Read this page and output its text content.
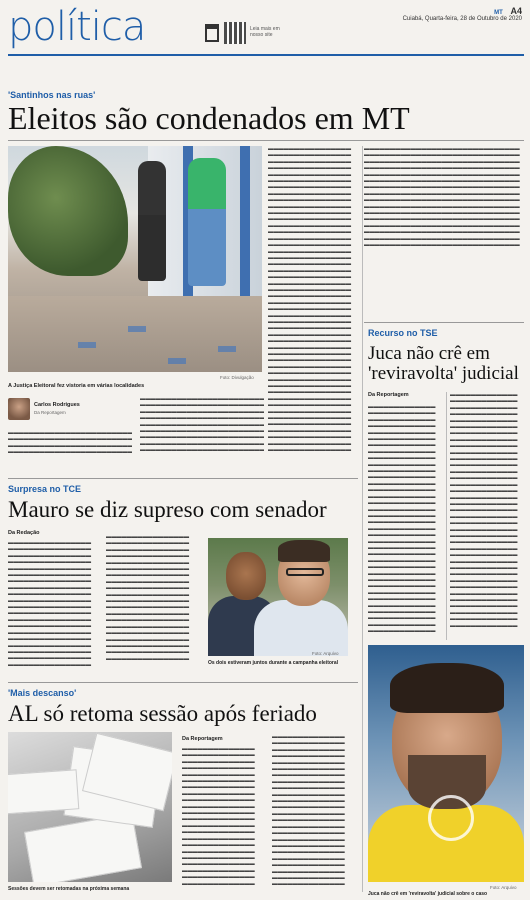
política	Leia mais em nosso site
MT A4
Cuiabá, Quarta-feira, 28 de Outubro de 2020
'Santinhos nas ruas'
Eleitos são condenados em MT
Foto: Divulgação
A Justiça Eleitoral fez vistoria em várias localidades
Carlos Rodrigues
Da Reportagem
▬▬▬▬▬▬▬▬▬▬▬▬▬▬▬▬▬▬▬▬▬▬▬▬ ▬▬▬▬▬▬▬▬▬▬▬▬▬▬▬▬▬▬▬▬▬▬▬▬ ▬▬▬▬▬▬▬▬▬▬▬▬▬▬▬▬▬▬▬▬▬▬▬▬ ▬▬▬▬▬▬▬▬▬▬▬▬▬▬▬▬▬▬▬▬▬▬▬▬
▬▬▬▬▬▬▬▬▬▬▬▬▬▬▬▬▬▬▬▬▬▬▬▬ ▬▬▬▬▬▬▬▬▬▬▬▬▬▬▬▬▬▬▬▬▬▬▬▬ ▬▬▬▬▬▬▬▬▬▬▬▬▬▬▬▬▬▬▬▬▬▬▬▬ ▬▬▬▬▬▬▬▬▬▬▬▬▬▬▬▬▬▬▬▬▬▬▬▬ ▬▬▬▬▬▬▬▬▬▬▬▬▬▬▬▬▬▬▬▬▬▬▬▬ ▬▬▬▬▬▬▬▬▬▬▬▬▬▬▬▬▬▬▬▬▬▬▬▬ ▬▬▬▬▬▬▬▬▬▬▬▬▬▬▬▬▬▬▬▬▬▬▬▬ ▬▬▬▬▬▬▬▬▬▬▬▬▬▬▬▬▬▬▬▬▬▬▬▬ ▬▬▬▬▬▬▬▬▬▬▬▬▬▬▬▬▬▬▬▬▬▬▬▬
▬▬▬▬▬▬▬▬▬▬▬▬▬▬▬▬ ▬▬▬▬▬▬▬▬▬▬▬▬▬▬▬▬ ▬▬▬▬▬▬▬▬▬▬▬▬▬▬▬▬ ▬▬▬▬▬▬▬▬▬▬▬▬▬▬▬▬ ▬▬▬▬▬▬▬▬▬▬▬▬▬▬▬▬ ▬▬▬▬▬▬▬▬▬▬▬▬▬▬▬▬ ▬▬▬▬▬▬▬▬▬▬▬▬▬▬▬▬ ▬▬▬▬▬▬▬▬▬▬▬▬▬▬▬▬ ▬▬▬▬▬▬▬▬▬▬▬▬▬▬▬▬ ▬▬▬▬▬▬▬▬▬▬▬▬▬▬▬▬ ▬▬▬▬▬▬▬▬▬▬▬▬▬▬▬▬ ▬▬▬▬▬▬▬▬▬▬▬▬▬▬▬▬ ▬▬▬▬▬▬▬▬▬▬▬▬▬▬▬▬ ▬▬▬▬▬▬▬▬▬▬▬▬▬▬▬▬ ▬▬▬▬▬▬▬▬▬▬▬▬▬▬▬▬ ▬▬▬▬▬▬▬▬▬▬▬▬▬▬▬▬ ▬▬▬▬▬▬▬▬▬▬▬▬▬▬▬▬ ▬▬▬▬▬▬▬▬▬▬▬▬▬▬▬▬ ▬▬▬▬▬▬▬▬▬▬▬▬▬▬▬▬ ▬▬▬▬▬▬▬▬▬▬▬▬▬▬▬▬ ▬▬▬▬▬▬▬▬▬▬▬▬▬▬▬▬ ▬▬▬▬▬▬▬▬▬▬▬▬▬▬▬▬ ▬▬▬▬▬▬▬▬▬▬▬▬▬▬▬▬ ▬▬▬▬▬▬▬▬▬▬▬▬▬▬▬▬ ▬▬▬▬▬▬▬▬▬▬▬▬▬▬▬▬ ▬▬▬▬▬▬▬▬▬▬▬▬▬▬▬▬ ▬▬▬▬▬▬▬▬▬▬▬▬▬▬▬▬ ▬▬▬▬▬▬▬▬▬▬▬▬▬▬▬▬ ▬▬▬▬▬▬▬▬▬▬▬▬▬▬▬▬ ▬▬▬▬▬▬▬▬▬▬▬▬▬▬▬▬ ▬▬▬▬▬▬▬▬▬▬▬▬▬▬▬▬ ▬▬▬▬▬▬▬▬▬▬▬▬▬▬▬▬ ▬▬▬▬▬▬▬▬▬▬▬▬▬▬▬▬ ▬▬▬▬▬▬▬▬▬▬▬▬▬▬▬▬ ▬▬▬▬▬▬▬▬▬▬▬▬▬▬▬▬ ▬▬▬▬▬▬▬▬▬▬▬▬▬▬▬▬ ▬▬▬▬▬▬▬▬▬▬▬▬▬▬▬▬ ▬▬▬▬▬▬▬▬▬▬▬▬▬▬▬▬ ▬▬▬▬▬▬▬▬▬▬▬▬▬▬▬▬ ▬▬▬▬▬▬▬▬▬▬▬▬▬▬▬▬ ▬▬▬▬▬▬▬▬▬▬▬▬▬▬▬▬ ▬▬▬▬▬▬▬▬▬▬▬▬▬▬▬▬ ▬▬▬▬▬▬▬▬▬▬▬▬▬▬▬▬ ▬▬▬▬▬▬▬▬▬▬▬▬▬▬▬▬ ▬▬▬▬▬▬▬▬▬▬▬▬▬▬▬▬ ▬▬▬▬▬▬▬▬▬▬▬▬▬▬▬▬ ▬▬▬▬▬▬▬▬▬▬▬▬▬▬▬▬ ▬▬▬▬▬▬▬▬▬▬▬▬▬▬▬▬
▬▬▬▬▬▬▬▬▬▬▬▬▬▬▬▬▬▬▬▬▬▬▬▬▬▬▬▬▬▬ ▬▬▬▬▬▬▬▬▬▬▬▬▬▬▬▬▬▬▬▬▬▬▬▬▬▬▬▬▬▬ ▬▬▬▬▬▬▬▬▬▬▬▬▬▬▬▬▬▬▬▬▬▬▬▬▬▬▬▬▬▬ ▬▬▬▬▬▬▬▬▬▬▬▬▬▬▬▬▬▬▬▬▬▬▬▬▬▬▬▬▬▬ ▬▬▬▬▬▬▬▬▬▬▬▬▬▬▬▬▬▬▬▬▬▬▬▬▬▬▬▬▬▬ ▬▬▬▬▬▬▬▬▬▬▬▬▬▬▬▬▬▬▬▬▬▬▬▬▬▬▬▬▬▬ ▬▬▬▬▬▬▬▬▬▬▬▬▬▬▬▬▬▬▬▬▬▬▬▬▬▬▬▬▬▬ ▬▬▬▬▬▬▬▬▬▬▬▬▬▬▬▬▬▬▬▬▬▬▬▬▬▬▬▬▬▬ ▬▬▬▬▬▬▬▬▬▬▬▬▬▬▬▬▬▬▬▬▬▬▬▬▬▬▬▬▬▬ ▬▬▬▬▬▬▬▬▬▬▬▬▬▬▬▬▬▬▬▬▬▬▬▬▬▬▬▬▬▬ ▬▬▬▬▬▬▬▬▬▬▬▬▬▬▬▬▬▬▬▬▬▬▬▬▬▬▬▬▬▬ ▬▬▬▬▬▬▬▬▬▬▬▬▬▬▬▬▬▬▬▬▬▬▬▬▬▬▬▬▬▬ ▬▬▬▬▬▬▬▬▬▬▬▬▬▬▬▬▬▬▬▬▬▬▬▬▬▬▬▬▬▬ ▬▬▬▬▬▬▬▬▬▬▬▬▬▬▬▬▬▬▬▬▬▬▬▬▬▬▬▬▬▬ ▬▬▬▬▬▬▬▬▬▬▬▬▬▬▬▬▬▬▬▬▬▬▬▬▬▬▬▬▬▬ ▬▬▬▬▬▬▬▬▬▬▬▬▬▬▬▬▬▬▬▬▬▬▬▬▬▬▬▬▬▬
Recurso no TSE
Juca não crê em 'reviravolta' judicial
Da Reportagem
▬▬▬▬▬▬▬▬▬▬▬▬▬ ▬▬▬▬▬▬▬▬▬▬▬▬▬ ▬▬▬▬▬▬▬▬▬▬▬▬▬ ▬▬▬▬▬▬▬▬▬▬▬▬▬ ▬▬▬▬▬▬▬▬▬▬▬▬▬ ▬▬▬▬▬▬▬▬▬▬▬▬▬ ▬▬▬▬▬▬▬▬▬▬▬▬▬ ▬▬▬▬▬▬▬▬▬▬▬▬▬ ▬▬▬▬▬▬▬▬▬▬▬▬▬ ▬▬▬▬▬▬▬▬▬▬▬▬▬ ▬▬▬▬▬▬▬▬▬▬▬▬▬ ▬▬▬▬▬▬▬▬▬▬▬▬▬ ▬▬▬▬▬▬▬▬▬▬▬▬▬ ▬▬▬▬▬▬▬▬▬▬▬▬▬ ▬▬▬▬▬▬▬▬▬▬▬▬▬ ▬▬▬▬▬▬▬▬▬▬▬▬▬ ▬▬▬▬▬▬▬▬▬▬▬▬▬ ▬▬▬▬▬▬▬▬▬▬▬▬▬ ▬▬▬▬▬▬▬▬▬▬▬▬▬ ▬▬▬▬▬▬▬▬▬▬▬▬▬ ▬▬▬▬▬▬▬▬▬▬▬▬▬ ▬▬▬▬▬▬▬▬▬▬▬▬▬ ▬▬▬▬▬▬▬▬▬▬▬▬▬ ▬▬▬▬▬▬▬▬▬▬▬▬▬ ▬▬▬▬▬▬▬▬▬▬▬▬▬ ▬▬▬▬▬▬▬▬▬▬▬▬▬ ▬▬▬▬▬▬▬▬▬▬▬▬▬ ▬▬▬▬▬▬▬▬▬▬▬▬▬ ▬▬▬▬▬▬▬▬▬▬▬▬▬ ▬▬▬▬▬▬▬▬▬▬▬▬▬ ▬▬▬▬▬▬▬▬▬▬▬▬▬ ▬▬▬▬▬▬▬▬▬▬▬▬▬ ▬▬▬▬▬▬▬▬▬▬▬▬▬ ▬▬▬▬▬▬▬▬▬▬▬▬▬ ▬▬▬▬▬▬▬▬▬▬▬▬▬ ▬▬▬▬▬▬▬▬▬▬▬▬▬
▬▬▬▬▬▬▬▬▬▬▬▬▬ ▬▬▬▬▬▬▬▬▬▬▬▬▬ ▬▬▬▬▬▬▬▬▬▬▬▬▬ ▬▬▬▬▬▬▬▬▬▬▬▬▬ ▬▬▬▬▬▬▬▬▬▬▬▬▬ ▬▬▬▬▬▬▬▬▬▬▬▬▬ ▬▬▬▬▬▬▬▬▬▬▬▬▬ ▬▬▬▬▬▬▬▬▬▬▬▬▬ ▬▬▬▬▬▬▬▬▬▬▬▬▬ ▬▬▬▬▬▬▬▬▬▬▬▬▬ ▬▬▬▬▬▬▬▬▬▬▬▬▬ ▬▬▬▬▬▬▬▬▬▬▬▬▬ ▬▬▬▬▬▬▬▬▬▬▬▬▬ ▬▬▬▬▬▬▬▬▬▬▬▬▬ ▬▬▬▬▬▬▬▬▬▬▬▬▬ ▬▬▬▬▬▬▬▬▬▬▬▬▬ ▬▬▬▬▬▬▬▬▬▬▬▬▬ ▬▬▬▬▬▬▬▬▬▬▬▬▬ ▬▬▬▬▬▬▬▬▬▬▬▬▬ ▬▬▬▬▬▬▬▬▬▬▬▬▬ ▬▬▬▬▬▬▬▬▬▬▬▬▬ ▬▬▬▬▬▬▬▬▬▬▬▬▬ ▬▬▬▬▬▬▬▬▬▬▬▬▬ ▬▬▬▬▬▬▬▬▬▬▬▬▬ ▬▬▬▬▬▬▬▬▬▬▬▬▬ ▬▬▬▬▬▬▬▬▬▬▬▬▬ ▬▬▬▬▬▬▬▬▬▬▬▬▬ ▬▬▬▬▬▬▬▬▬▬▬▬▬ ▬▬▬▬▬▬▬▬▬▬▬▬▬ ▬▬▬▬▬▬▬▬▬▬▬▬▬ ▬▬▬▬▬▬▬▬▬▬▬▬▬ ▬▬▬▬▬▬▬▬▬▬▬▬▬ ▬▬▬▬▬▬▬▬▬▬▬▬▬ ▬▬▬▬▬▬▬▬▬▬▬▬▬ ▬▬▬▬▬▬▬▬▬▬▬▬▬ ▬▬▬▬▬▬▬▬▬▬▬▬▬ ▬▬▬▬▬▬▬▬▬▬▬▬▬
Foto: Arquivo
Juca não crê em 'reviravolta' judicial sobre o caso
Surpresa no TCE
Mauro se diz supreso com senador
Da Redação
▬▬▬▬▬▬▬▬▬▬▬▬▬▬▬▬ ▬▬▬▬▬▬▬▬▬▬▬▬▬▬▬▬ ▬▬▬▬▬▬▬▬▬▬▬▬▬▬▬▬ ▬▬▬▬▬▬▬▬▬▬▬▬▬▬▬▬ ▬▬▬▬▬▬▬▬▬▬▬▬▬▬▬▬ ▬▬▬▬▬▬▬▬▬▬▬▬▬▬▬▬ ▬▬▬▬▬▬▬▬▬▬▬▬▬▬▬▬ ▬▬▬▬▬▬▬▬▬▬▬▬▬▬▬▬ ▬▬▬▬▬▬▬▬▬▬▬▬▬▬▬▬ ▬▬▬▬▬▬▬▬▬▬▬▬▬▬▬▬ ▬▬▬▬▬▬▬▬▬▬▬▬▬▬▬▬ ▬▬▬▬▬▬▬▬▬▬▬▬▬▬▬▬ ▬▬▬▬▬▬▬▬▬▬▬▬▬▬▬▬ ▬▬▬▬▬▬▬▬▬▬▬▬▬▬▬▬ ▬▬▬▬▬▬▬▬▬▬▬▬▬▬▬▬ ▬▬▬▬▬▬▬▬▬▬▬▬▬▬▬▬ ▬▬▬▬▬▬▬▬▬▬▬▬▬▬▬▬ ▬▬▬▬▬▬▬▬▬▬▬▬▬▬▬▬ ▬▬▬▬▬▬▬▬▬▬▬▬▬▬▬▬ ▬▬▬▬▬▬▬▬▬▬▬▬▬▬▬▬
▬▬▬▬▬▬▬▬▬▬▬▬▬▬▬▬ ▬▬▬▬▬▬▬▬▬▬▬▬▬▬▬▬ ▬▬▬▬▬▬▬▬▬▬▬▬▬▬▬▬ ▬▬▬▬▬▬▬▬▬▬▬▬▬▬▬▬ ▬▬▬▬▬▬▬▬▬▬▬▬▬▬▬▬ ▬▬▬▬▬▬▬▬▬▬▬▬▬▬▬▬ ▬▬▬▬▬▬▬▬▬▬▬▬▬▬▬▬ ▬▬▬▬▬▬▬▬▬▬▬▬▬▬▬▬ ▬▬▬▬▬▬▬▬▬▬▬▬▬▬▬▬ ▬▬▬▬▬▬▬▬▬▬▬▬▬▬▬▬ ▬▬▬▬▬▬▬▬▬▬▬▬▬▬▬▬ ▬▬▬▬▬▬▬▬▬▬▬▬▬▬▬▬ ▬▬▬▬▬▬▬▬▬▬▬▬▬▬▬▬ ▬▬▬▬▬▬▬▬▬▬▬▬▬▬▬▬ ▬▬▬▬▬▬▬▬▬▬▬▬▬▬▬▬ ▬▬▬▬▬▬▬▬▬▬▬▬▬▬▬▬ ▬▬▬▬▬▬▬▬▬▬▬▬▬▬▬▬ ▬▬▬▬▬▬▬▬▬▬▬▬▬▬▬▬ ▬▬▬▬▬▬▬▬▬▬▬▬▬▬▬▬ ▬▬▬▬▬▬▬▬▬▬▬▬▬▬▬▬
Foto: Arquivo
Os dois estiveram juntos durante a campanha eleitoral
'Mais descanso'
AL só retoma sessão após feriado
Sessões devem ser retomadas na próxima semana
Da Reportagem
▬▬▬▬▬▬▬▬▬▬▬▬▬▬ ▬▬▬▬▬▬▬▬▬▬▬▬▬▬ ▬▬▬▬▬▬▬▬▬▬▬▬▬▬ ▬▬▬▬▬▬▬▬▬▬▬▬▬▬ ▬▬▬▬▬▬▬▬▬▬▬▬▬▬ ▬▬▬▬▬▬▬▬▬▬▬▬▬▬ ▬▬▬▬▬▬▬▬▬▬▬▬▬▬ ▬▬▬▬▬▬▬▬▬▬▬▬▬▬ ▬▬▬▬▬▬▬▬▬▬▬▬▬▬ ▬▬▬▬▬▬▬▬▬▬▬▬▬▬ ▬▬▬▬▬▬▬▬▬▬▬▬▬▬ ▬▬▬▬▬▬▬▬▬▬▬▬▬▬ ▬▬▬▬▬▬▬▬▬▬▬▬▬▬ ▬▬▬▬▬▬▬▬▬▬▬▬▬▬ ▬▬▬▬▬▬▬▬▬▬▬▬▬▬ ▬▬▬▬▬▬▬▬▬▬▬▬▬▬ ▬▬▬▬▬▬▬▬▬▬▬▬▬▬ ▬▬▬▬▬▬▬▬▬▬▬▬▬▬ ▬▬▬▬▬▬▬▬▬▬▬▬▬▬ ▬▬▬▬▬▬▬▬▬▬▬▬▬▬ ▬▬▬▬▬▬▬▬▬▬▬▬▬▬ ▬▬▬▬▬▬▬▬▬▬▬▬▬▬
▬▬▬▬▬▬▬▬▬▬▬▬▬▬ ▬▬▬▬▬▬▬▬▬▬▬▬▬▬ ▬▬▬▬▬▬▬▬▬▬▬▬▬▬ ▬▬▬▬▬▬▬▬▬▬▬▬▬▬ ▬▬▬▬▬▬▬▬▬▬▬▬▬▬ ▬▬▬▬▬▬▬▬▬▬▬▬▬▬ ▬▬▬▬▬▬▬▬▬▬▬▬▬▬ ▬▬▬▬▬▬▬▬▬▬▬▬▬▬ ▬▬▬▬▬▬▬▬▬▬▬▬▬▬ ▬▬▬▬▬▬▬▬▬▬▬▬▬▬ ▬▬▬▬▬▬▬▬▬▬▬▬▬▬ ▬▬▬▬▬▬▬▬▬▬▬▬▬▬ ▬▬▬▬▬▬▬▬▬▬▬▬▬▬ ▬▬▬▬▬▬▬▬▬▬▬▬▬▬ ▬▬▬▬▬▬▬▬▬▬▬▬▬▬ ▬▬▬▬▬▬▬▬▬▬▬▬▬▬ ▬▬▬▬▬▬▬▬▬▬▬▬▬▬ ▬▬▬▬▬▬▬▬▬▬▬▬▬▬ ▬▬▬▬▬▬▬▬▬▬▬▬▬▬ ▬▬▬▬▬▬▬▬▬▬▬▬▬▬ ▬▬▬▬▬▬▬▬▬▬▬▬▬▬ ▬▬▬▬▬▬▬▬▬▬▬▬▬▬ ▬▬▬▬▬▬▬▬▬▬▬▬▬▬ ▬▬▬▬▬▬▬▬▬▬▬▬▬▬
